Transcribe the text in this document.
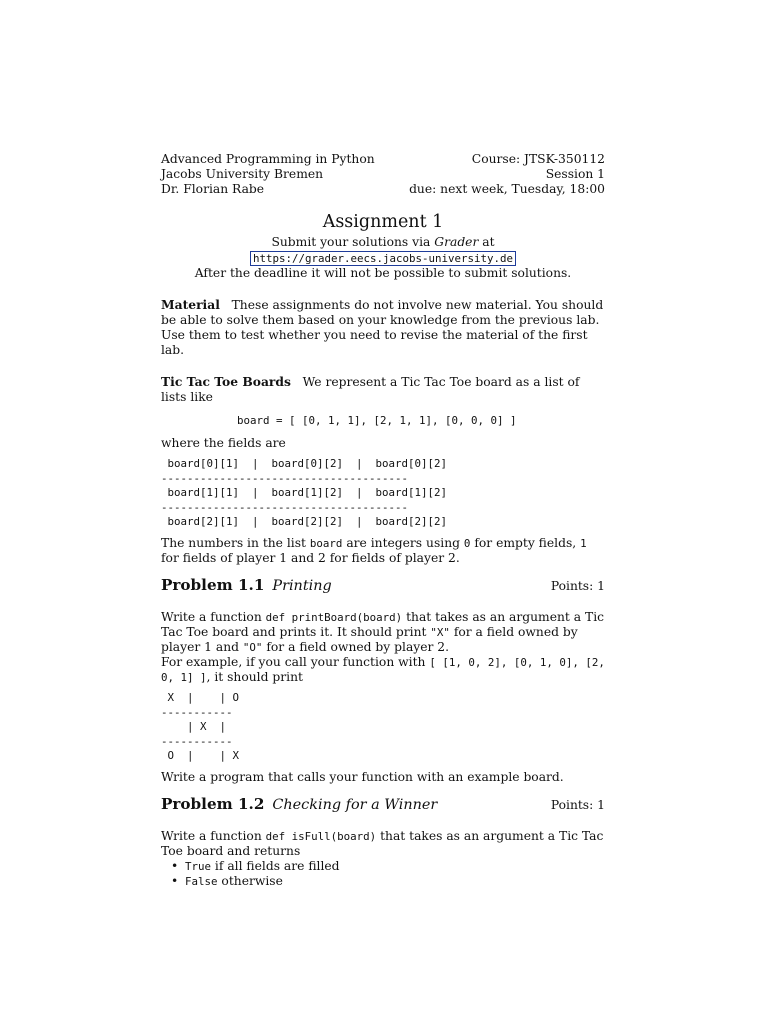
Advanced Programming in Python
Jacobs University Bremen
Dr. Florian Rabe
Course: JTSK-350112
Session 1
due: next week, Tuesday, 18:00
Assignment 1
Submit your solutions via Grader at
https://grader.eecs.jacobs-university.de
After the deadline it will not be possible to submit solutions.
Material These assignments do not involve new material. You should be able to solve them based on your knowledge from the previous lab. Use them to test whether you need to revise the material of the first lab.
Tic Tac Toe Boards We represent a Tic Tac Toe board as a list of lists like
board = [ [0, 1, 1], [2, 1, 1], [0, 0, 0] ]
where the fields are
board[0][1]  |  board[0][2]  |  board[0][2]
--------------------------------------
board[1][1]  |  board[1][2]  |  board[1][2]
--------------------------------------
board[2][1]  |  board[2][2]  |  board[2][2]
The numbers in the list board are integers using 0 for empty fields, 1 for fields of player 1 and 2 for fields of player 2.
Problem 1.1 Printing	Points: 1
Write a function def printBoard(board) that takes as an argument a Tic Tac Toe board and prints it. It should print "X" for a field owned by player 1 and "O" for a field owned by player 2.
For example, if you call your function with [ [1, 0, 2], [0, 1, 0], [2, 0, 1] ], it should print
X  |    | O
-----------
| X  |
-----------
O  |    | X
Write a program that calls your function with an example board.
Problem 1.2 Checking for a Winner	Points: 1
Write a function def isFull(board) that takes as an argument a Tic Tac Toe board and returns
• True if all fields are filled
• False otherwise
